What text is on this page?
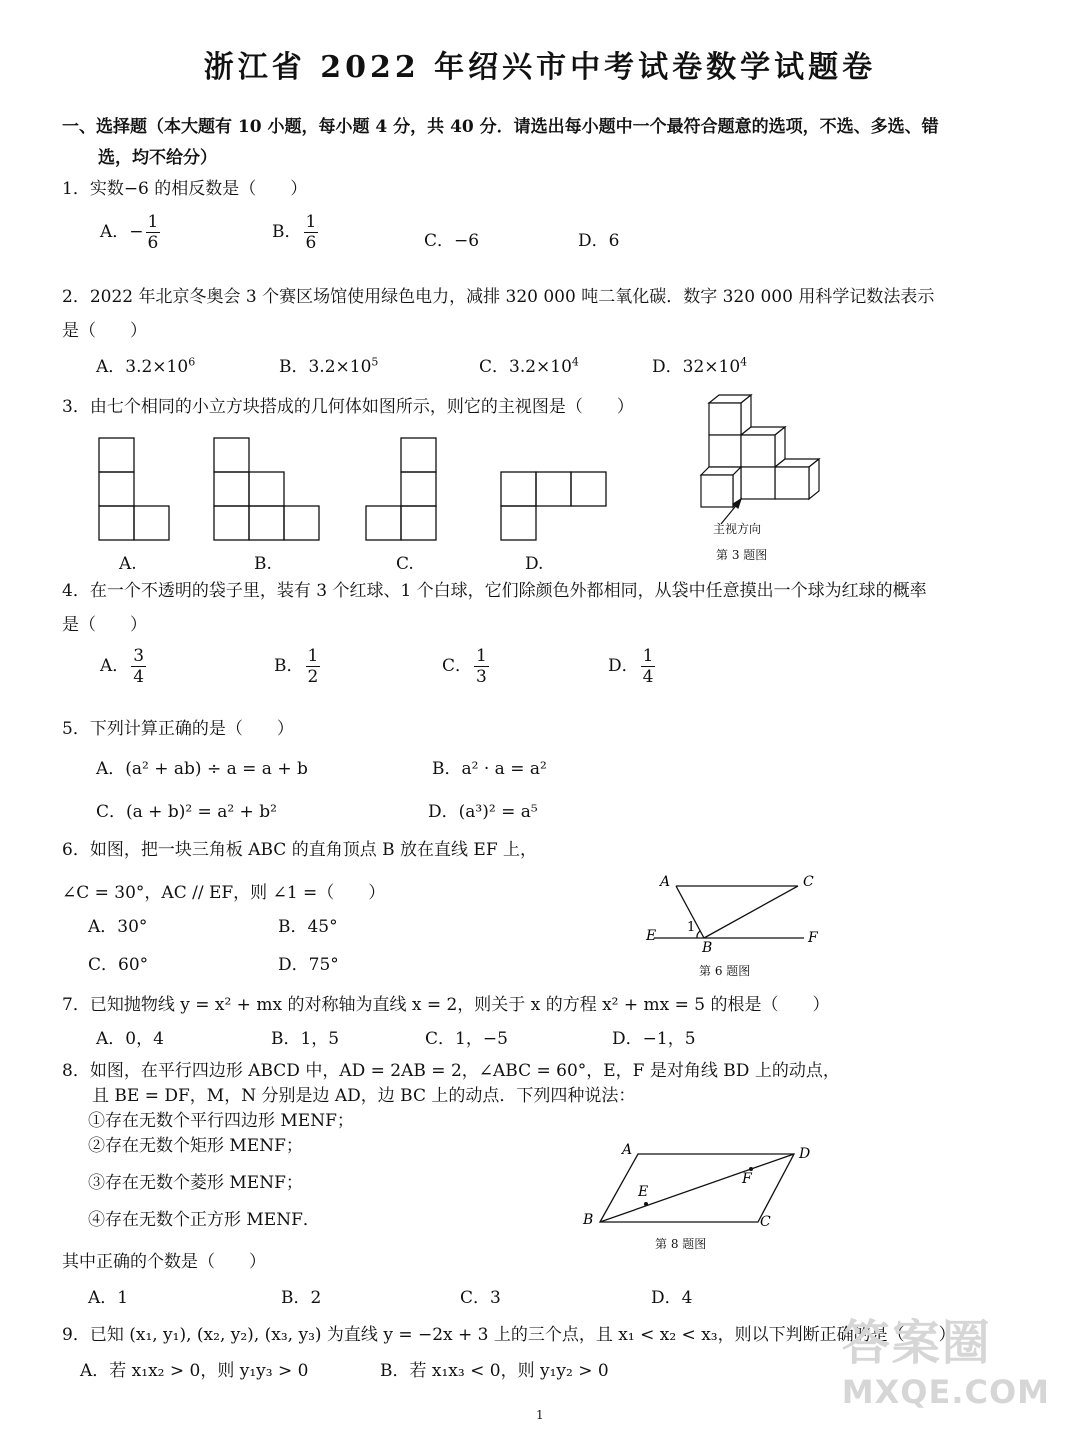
浙江省 2022 年绍兴市中考试卷数学试题卷
一、选择题（本大题有 10 小题，每小题 4 分，共 40 分．请选出每小题中一个最符合题意的选项，不选、多选、错
选，均不给分）
1．实数−6 的相反数是（　　）
A．− $\frac{1}{6}$	B． $\frac{1}{6}$	C．−6	D．6
2．2022 年北京冬奥会 3 个赛区场馆使用绿色电力，减排 320 000 吨二氧化碳．数字 320 000 用科学记数法表示
是（　　）
A．$3.2\times 10^6$	B．$3.2\times 10^5$	C．$3.2\times 10^4$	D．$32\times 10^4$
3．由七个相同的小立方块搭成的几何体如图所示，则它的主视图是（　　）
A.	B.	C.	D.
主视方向
第 3 题图
4．在一个不透明的袋子里，装有 3 个红球、1 个白球，它们除颜色外都相同，从袋中任意摸出一个球为红球的概率
是（　　）
A． $\frac{3}{4}$	B． $\frac{1}{2}$	C． $\frac{1}{3}$	D． $\frac{1}{4}$
5．下列计算正确的是（　　）
A．(a² + ab) ÷ a = a + b	B．a² · a = a²
C．(a + b)² = a² + b²	D．(a³)² = a⁵
6．如图，把一块三角板 ABC 的直角顶点 B 放在直线 EF 上，
∠C = 30°，AC // EF，则 ∠1 =（　　）
A．30°	B．45°
C．60°	D．75°
A	C
E	F
B
1
第 6 题图
7．已知抛物线 y = x² + mx 的对称轴为直线 x = 2，则关于 x 的方程 x² + mx = 5 的根是（　　）
A．0，4	B．1，5	C．1，−5	D．−1，5
8．如图，在平行四边形 ABCD 中，AD = 2AB = 2，∠ABC = 60°，E，F 是对角线 BD 上的动点，
且 BE = DF，M，N 分别是边 AD，边 BC 上的动点．下列四种说法：
①存在无数个平行四边形 MENF；
②存在无数个矩形 MENF；
③存在无数个菱形 MENF；
④存在无数个正方形 MENF．
其中正确的个数是（　　）
A．1	B．2	C．3	D．4
A	D
B	C
E
F
第 8 题图
9．已知 (x₁, y₁), (x₂, y₂), (x₃, y₃) 为直线 y = −2x + 3 上的三个点，且 x₁ < x₂ < x₃，则以下判断正确的是（　　）
A．若 x₁x₂ > 0，则 y₁y₃ > 0	B．若 x₁x₃ < 0，则 y₁y₂ > 0
1
答案圈
MXQE.COM
